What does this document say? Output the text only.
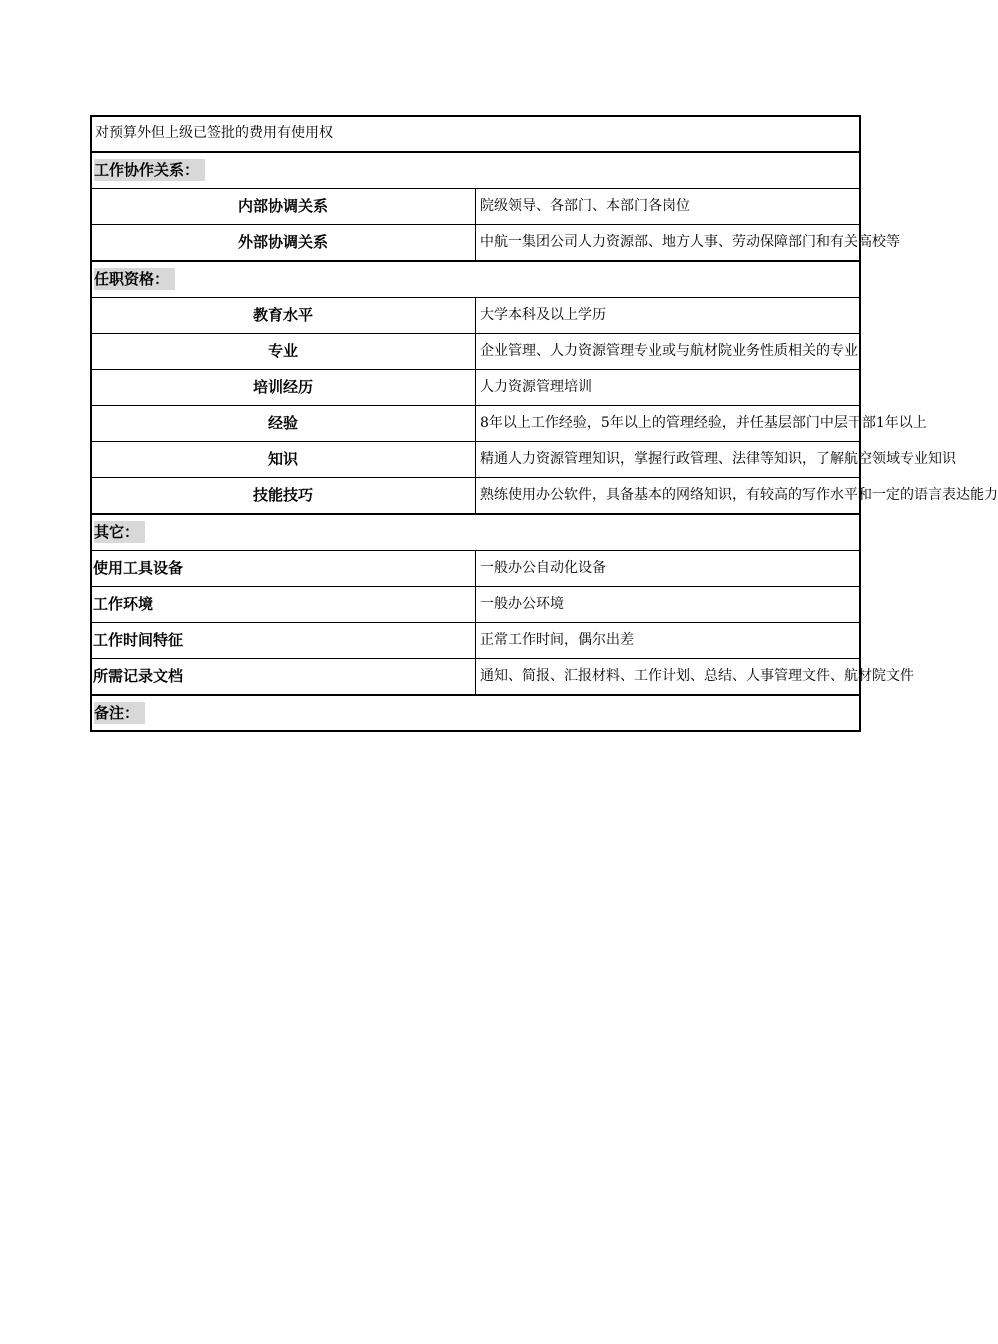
对预算外但上级已签批的费用有使用权	
工作协作关系：	
内部协调关系	院级领导、各部门、本部门各岗位
外部协调关系	中航一集团公司人力资源部、地方人事、劳动保障部门和有关高校等
任职资格：	
教育水平	大学本科及以上学历
专业	企业管理、人力资源管理专业或与航材院业务性质相关的专业
培训经历	人力资源管理培训
经验	8年以上工作经验，5年以上的管理经验，并任基层部门中层干部1年以上
知识	精通人力资源管理知识，掌握行政管理、法律等知识，了解航空领域专业知识
技能技巧	熟练使用办公软件，具备基本的网络知识，有较高的写作水平和一定的语言表达能力
其它：	
使用工具设备	一般办公自动化设备
工作环境	一般办公环境
工作时间特征	正常工作时间，偶尔出差
所需记录文档	通知、简报、汇报材料、工作计划、总结、人事管理文件、航材院文件
备注：	
